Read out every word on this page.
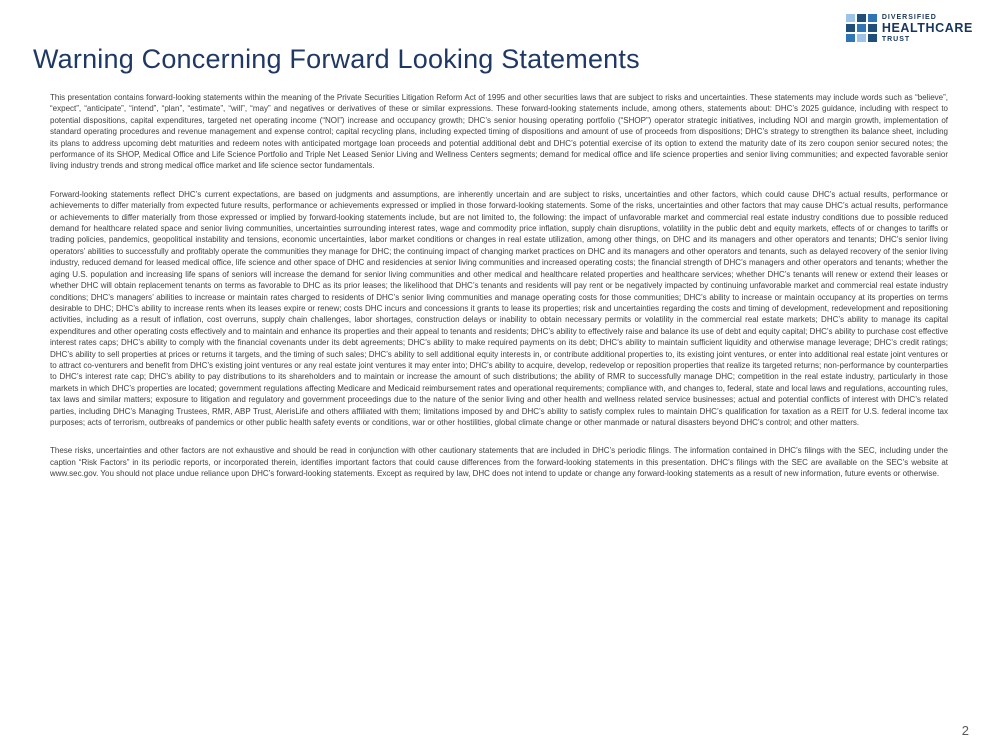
DIVERSIFIED
HEALTHCARE
TRUST
Warning Concerning Forward Looking Statements

This presentation contains forward-looking statements within the meaning of the Private Securities Litigation Reform Act of 1995 and other securities laws that are subject to risks and uncertainties. These statements may include words such as “believe”, “expect”, “anticipate”, “intend”, “plan”, “estimate”, “will”, “may” and negatives or derivatives of these or similar expressions. These forward-looking statements include, among others, statements about: DHC’s 2025 guidance, including with respect to potential dispositions, capital expenditures, targeted net operating income (“NOI”) increase and occupancy growth; DHC’s senior housing operating portfolio (“SHOP”) operator strategic initiatives, including NOI and margin growth, implementation of standard operating procedures and revenue management and expense control; capital recycling plans, including expected timing of dispositions and amount of use of proceeds from dispositions; DHC’s strategy to strengthen its balance sheet, including its plans to address upcoming debt maturities and redeem notes with anticipated mortgage loan proceeds and potential additional debt and DHC’s potential exercise of its option to extend the maturity date of its zero coupon senior secured notes; the performance of its SHOP, Medical Office and Life Science Portfolio and Triple Net Leased Senior Living and Wellness Centers segments; demand for medical office and life science properties and senior living communities; and expected favorable senior living industry trends and strong medical office market and life science sector fundamentals.

Forward-looking statements reflect DHC’s current expectations, are based on judgments and assumptions, are inherently uncertain and are subject to risks, uncertainties and other factors, which could cause DHC’s actual results, performance or achievements to differ materially from expected future results, performance or achievements expressed or implied in those forward-looking statements. Some of the risks, uncertainties and other factors that may cause DHC’s actual results, performance or achievements to differ materially from those expressed or implied by forward-looking statements include, but are not limited to, the following: the impact of unfavorable market and commercial real estate industry conditions due to possible reduced demand for healthcare related space and senior living communities, uncertainties surrounding interest rates, wage and commodity price inflation, supply chain disruptions, volatility in the public debt and equity markets, effects of or changes to tariffs or trading policies, pandemics, geopolitical instability and tensions, economic uncertainties, labor market conditions or changes in real estate utilization, among other things, on DHC and its managers and other operators and tenants; DHC’s senior living operators’ abilities to successfully and profitably operate the communities they manage for DHC; the continuing impact of changing market practices on DHC and its managers and other operators and tenants, such as delayed recovery of the senior living industry, reduced demand for leased medical office, life science and other space of DHC and residencies at senior living communities and increased operating costs; the financial strength of DHC’s managers and other operators and tenants; whether the aging U.S. population and increasing life spans of seniors will increase the demand for senior living communities and other medical and healthcare related properties and healthcare services; whether DHC’s tenants will renew or extend their leases or whether DHC will obtain replacement tenants on terms as favorable to DHC as its prior leases; the likelihood that DHC’s tenants and residents will pay rent or be negatively impacted by continuing unfavorable market and commercial real estate industry conditions; DHC’s managers’ abilities to increase or maintain rates charged to residents of DHC’s senior living communities and manage operating costs for those communities; DHC’s ability to increase or maintain occupancy at its properties on terms desirable to DHC; DHC’s ability to increase rents when its leases expire or renew; costs DHC incurs and concessions it grants to lease its properties; risk and uncertainties regarding the costs and timing of development, redevelopment and repositioning activities, including as a result of inflation, cost overruns, supply chain challenges, labor shortages, construction delays or inability to obtain necessary permits or volatility in the commercial real estate markets; DHC’s ability to manage its capital expenditures and other operating costs effectively and to maintain and enhance its properties and their appeal to tenants and residents; DHC’s ability to effectively raise and balance its use of debt and equity capital; DHC’s ability to purchase cost effective interest rates caps; DHC’s ability to comply with the financial covenants under its debt agreements; DHC’s ability to make required payments on its debt; DHC’s ability to maintain sufficient liquidity and otherwise manage leverage; DHC’s credit ratings; DHC’s ability to sell properties at prices or returns it targets, and the timing of such sales; DHC’s ability to sell additional equity interests in, or contribute additional properties to, its existing joint ventures, or enter into additional real estate joint ventures or to attract co-venturers and benefit from DHC’s existing joint ventures or any real estate joint ventures it may enter into; DHC’s ability to acquire, develop, redevelop or reposition properties that realize its targeted returns; non-performance by counterparties to DHC’s interest rate cap; DHC’s ability to pay distributions to its shareholders and to maintain or increase the amount of such distributions; the ability of RMR to successfully manage DHC; competition in the real estate industry, particularly in those markets in which DHC’s properties are located; government regulations affecting Medicare and Medicaid reimbursement rates and operational requirements; compliance with, and changes to, federal, state and local laws and regulations, accounting rules, tax laws and similar matters; exposure to litigation and regulatory and government proceedings due to the nature of the senior living and other health and wellness related service businesses; actual and potential conflicts of interest with DHC’s related parties, including DHC’s Managing Trustees, RMR, ABP Trust, AlerisLife and others affiliated with them; limitations imposed by and DHC’s ability to satisfy complex rules to maintain DHC’s qualification for taxation as a REIT for U.S. federal income tax purposes; acts of terrorism, outbreaks of pandemics or other public health safety events or conditions, war or other hostilities, global climate change or other manmade or natural disasters beyond DHC’s control; and other matters.

These risks, uncertainties and other factors are not exhaustive and should be read in conjunction with other cautionary statements that are included in DHC’s periodic filings. The information contained in DHC’s filings with the SEC, including under the caption “Risk Factors” in its periodic reports, or incorporated therein, identifies important factors that could cause differences from the forward-looking statements in this presentation. DHC’s filings with the SEC are available on the SEC’s website at www.sec.gov. You should not place undue reliance upon DHC’s forward-looking statements. Except as required by law, DHC does not intend to update or change any forward-looking statements as a result of new information, future events or otherwise.

2
